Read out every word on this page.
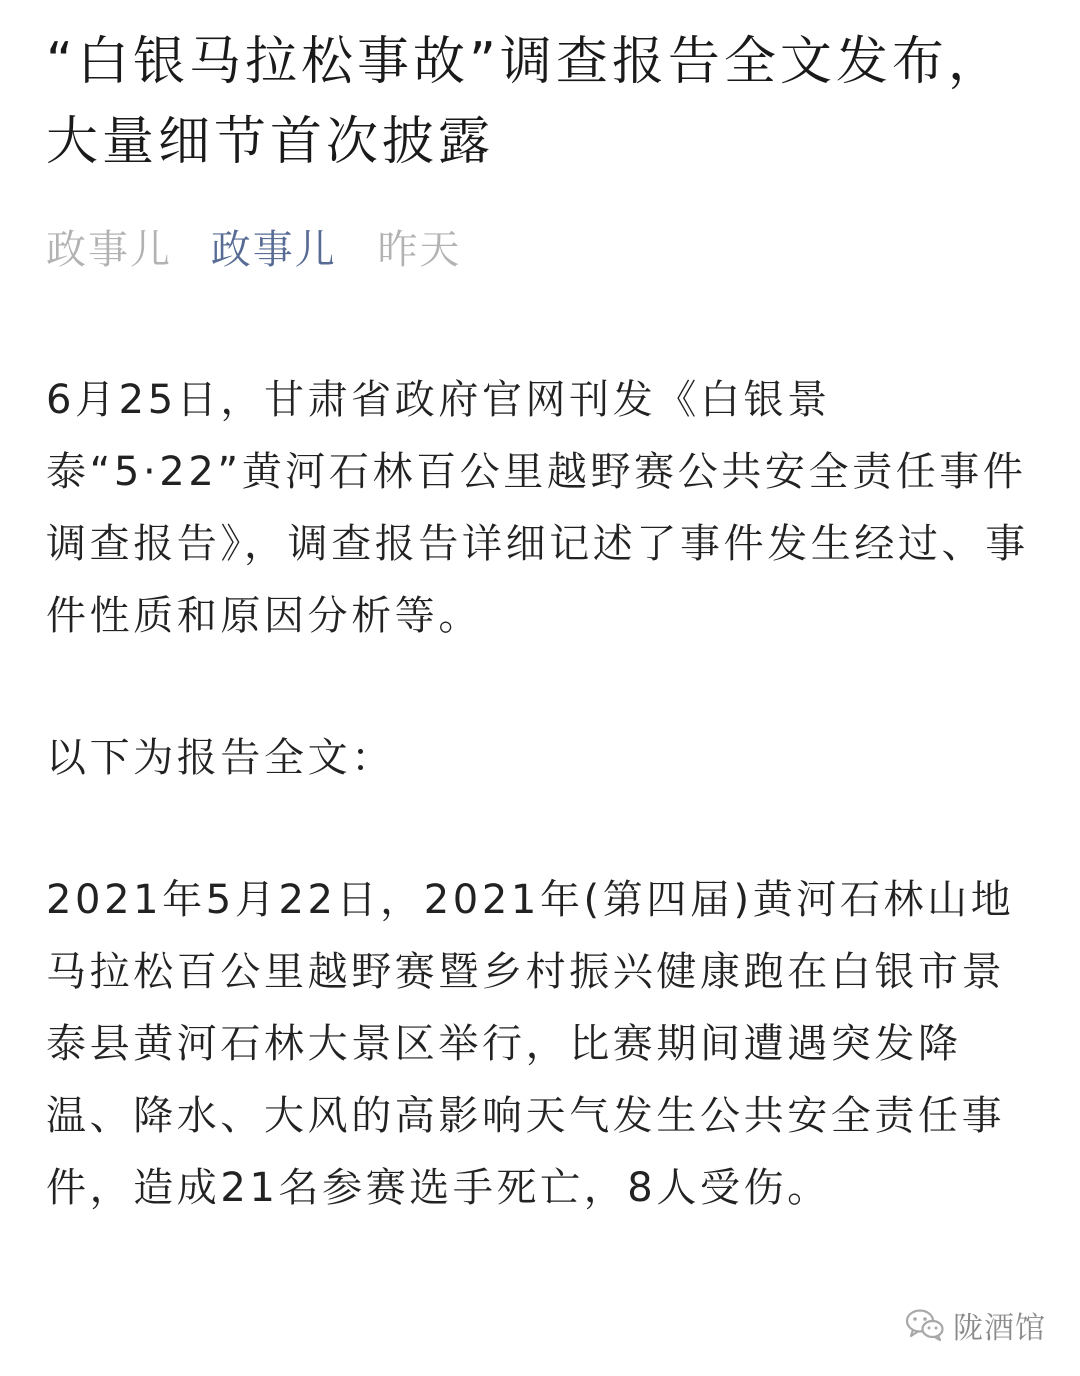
“白银马拉松事故”调查报告全文发布，大量细节首次披露
政事儿 政事儿 昨天

6月25日，甘肃省政府官网刊发《白银景泰“5·22”黄河石林百公里越野赛公共安全责任事件调查报告》，调查报告详细记述了事件发生经过、事件性质和原因分析等。

以下为报告全文：

2021年5月22日，2021年(第四届)黄河石林山地马拉松百公里越野赛暨乡村振兴健康跑在白银市景泰县黄河石林大景区举行，比赛期间遭遇突发降温、降水、大风的高影响天气发生公共安全责任事件，造成21名参赛选手死亡，8人受伤。

陇酒馆
